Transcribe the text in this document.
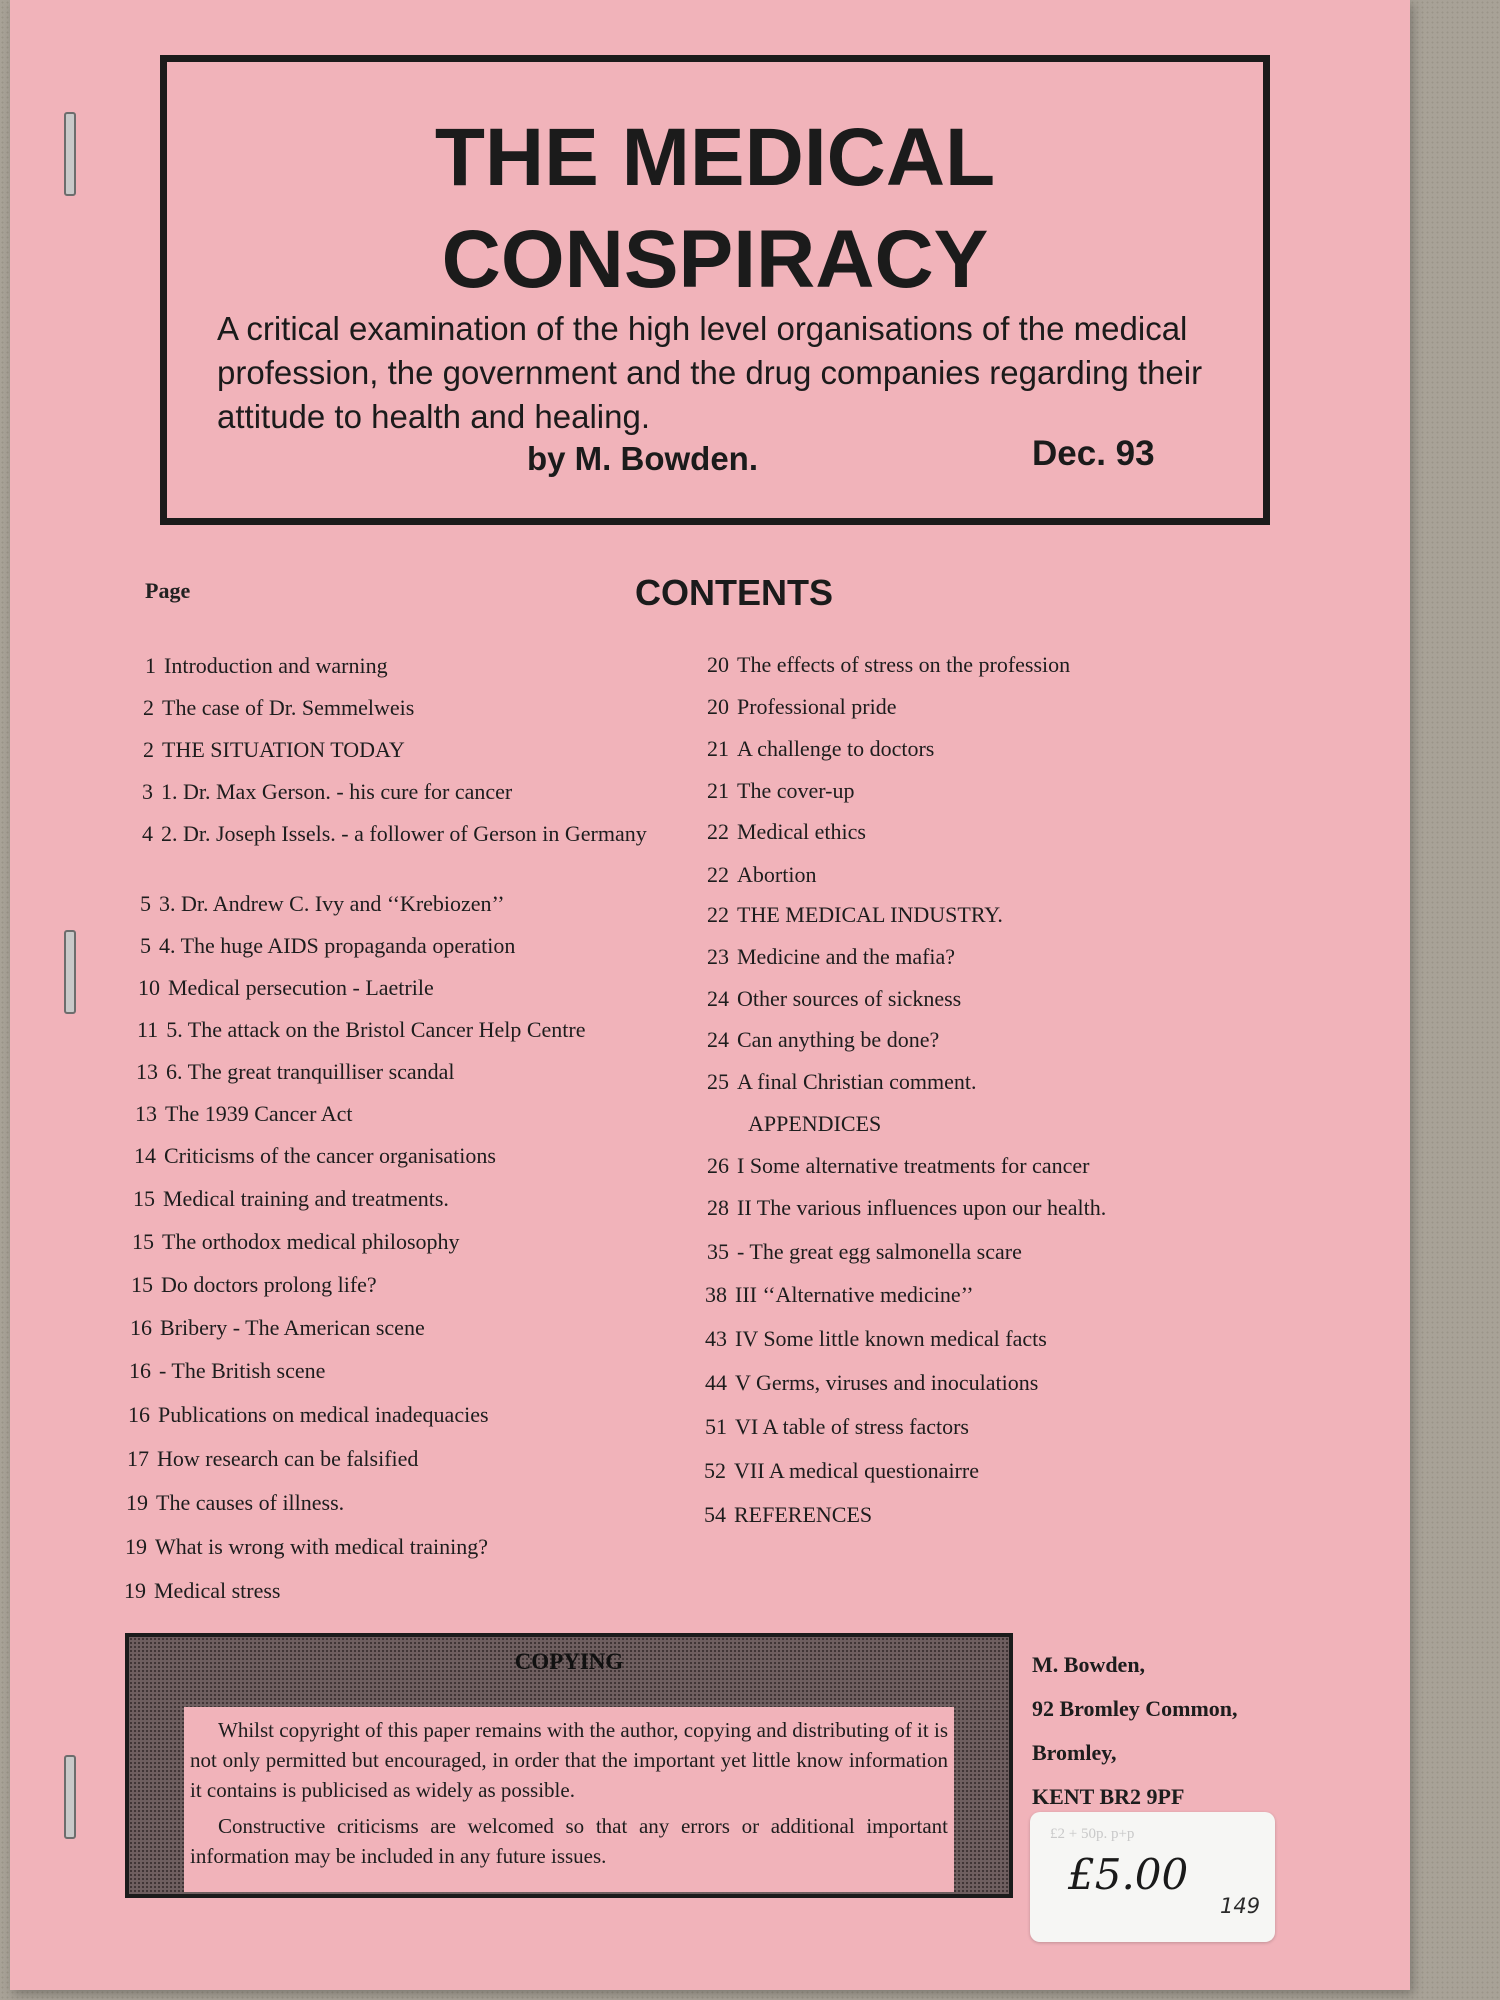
THE MEDICAL
CONSPIRACY
A critical examination of the high level organisations of the medical profession, the government and the drug companies regarding their attitude to health and healing.
by M. Bowden.	Dec. 93
Page	CONTENTS
1 Introduction and warning
2 The case of Dr. Semmelweis
2 THE SITUATION TODAY
3 1. Dr. Max Gerson. - his cure for cancer
4 2. Dr. Joseph Issels. - a follower of Gerson in Germany
5 3. Dr. Andrew C. Ivy and ‘‘Krebiozen’’
5 4. The huge AIDS propaganda operation
10 Medical persecution - Laetrile
11 5. The attack on the Bristol Cancer Help Centre
13 6. The great tranquilliser scandal
13 The 1939 Cancer Act
14 Criticisms of the cancer organisations
15 Medical training and treatments.
15 The orthodox medical philosophy
15 Do doctors prolong life?
16 Bribery - The American scene
16 - The British scene
16 Publications on medical inadequacies
17 How research can be falsified
19 The causes of illness.
19 What is wrong with medical training?
19 Medical stress
20 The effects of stress on the profession
20 Professional pride
21 A challenge to doctors
21 The cover-up
22 Medical ethics
22 Abortion
22 THE MEDICAL INDUSTRY.
23 Medicine and the mafia?
24 Other sources of sickness
24 Can anything be done?
25 A final Christian comment.
APPENDICES
26 I Some alternative treatments for cancer
28 II The various influences upon our health.
35 - The great egg salmonella scare
38 III ‘‘Alternative medicine’’
43 IV Some little known medical facts
44 V Germs, viruses and inoculations
51 VI A table of stress factors
52 VII A medical questionairre
54 REFERENCES
COPYING

Whilst copyright of this paper remains with the author, copying and distributing of it is not only permitted but encouraged, in order that the important yet little know information it contains is publicised as widely as possible.

Constructive criticisms are welcomed so that any errors or additional important information may be included in any future issues.

M. Bowden,
92 Bromley Common,
Bromley,
KENT BR2 9PF
£2 + 50p. p+p
£5.00
149
